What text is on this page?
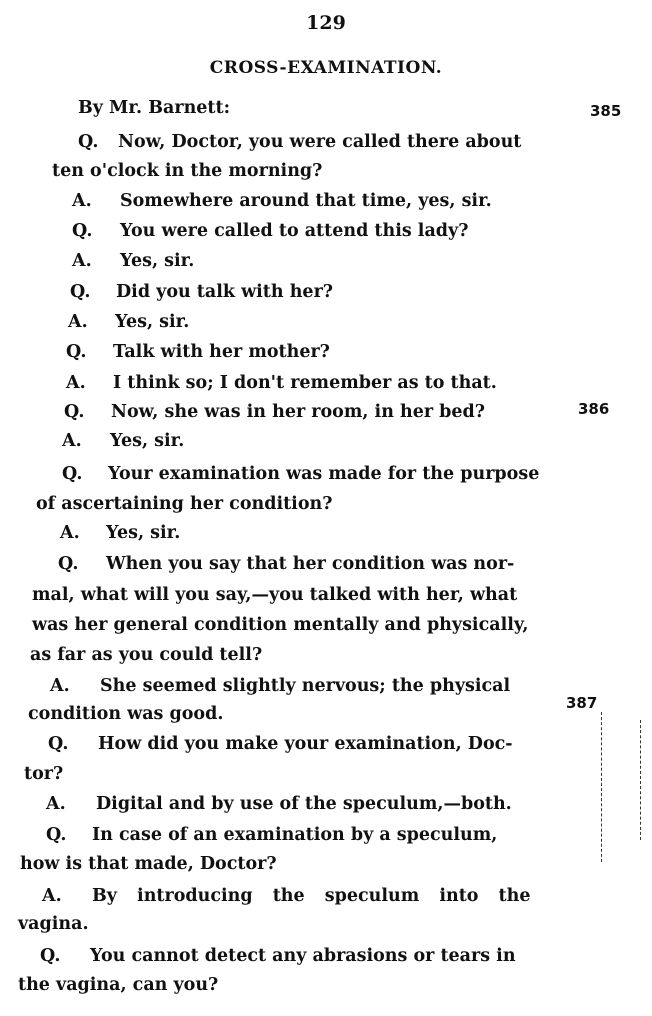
129
CROSS-EXAMINATION.
By Mr. Barnett:	385
Q. Now, Doctor, you were called there about
ten o'clock in the morning?
A. Somewhere around that time, yes, sir.
Q. You were called to attend this lady?
A. Yes, sir.
Q. Did you talk with her?
A. Yes, sir.
Q. Talk with her mother?
A. I think so; I don't remember as to that.
Q. Now, she was in her room, in her bed?	386
A. Yes, sir.
Q. Your examination was made for the purpose
of ascertaining her condition?
A. Yes, sir.
Q. When you say that her condition was nor-
mal, what will you say,—you talked with her, what
was her general condition mentally and physically,
as far as you could tell?
A. She seemed slightly nervous; the physical
condition was good.
387
Q. How did you make your examination, Doc-
tor?
A. Digital and by use of the speculum,—both.
Q. In case of an examination by a speculum,
how is that made, Doctor?
A. By introducing the speculum into the
vagina.
Q. You cannot detect any abrasions or tears in
the vagina, can you?
